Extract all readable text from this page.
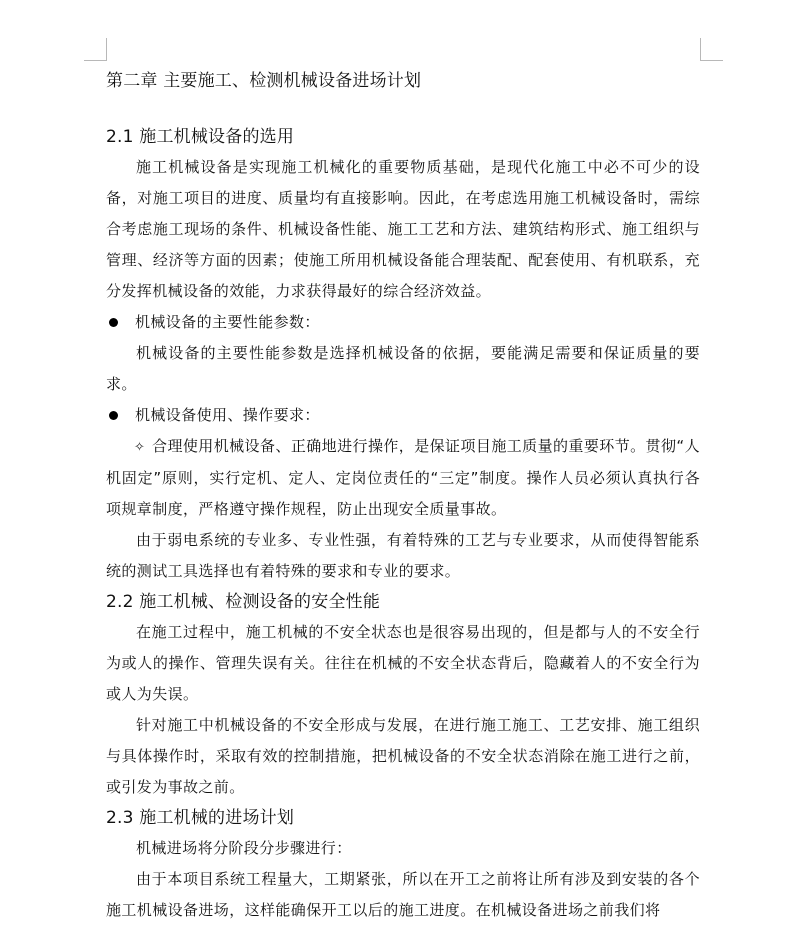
第二章 主要施工、检测机械设备进场计划
2.1 施工机械设备的选用

施工机械设备是实现施工机械化的重要物质基础，是现代化施工中必不可少的设备，对施工项目的进度、质量均有直接影响。因此，在考虑选用施工机械设备时，需综合考虑施工现场的条件、机械设备性能、施工工艺和方法、建筑结构形式、施工组织与管理、经济等方面的因素；使施工所用机械设备能合理装配、配套使用、有机联系，充分发挥机械设备的效能，力求获得最好的综合经济效益。

机械设备的主要性能参数：

机械设备的主要性能参数是选择机械设备的依据，要能满足需要和保证质量的要求。

机械设备使用、操作要求：

✧ 合理使用机械设备、正确地进行操作，是保证项目施工质量的重要环节。贯彻“人机固定”原则，实行定机、定人、定岗位责任的“三定”制度。操作人员必须认真执行各项规章制度，严格遵守操作规程，防止出现安全质量事故。

由于弱电系统的专业多、专业性强，有着特殊的工艺与专业要求，从而使得智能系统的测试工具选择也有着特殊的要求和专业的要求。

2.2 施工机械、检测设备的安全性能

在施工过程中，施工机械的不安全状态也是很容易出现的，但是都与人的不安全行为或人的操作、管理失误有关。往往在机械的不安全状态背后，隐藏着人的不安全行为或人为失误。

针对施工中机械设备的不安全形成与发展，在进行施工施工、工艺安排、施工组织与具体操作时，采取有效的控制措施，把机械设备的不安全状态消除在施工进行之前，或引发为事故之前。

2.3 施工机械的进场计划

机械进场将分阶段分步骤进行：

由于本项目系统工程量大，工期紧张，所以在开工之前将让所有涉及到安装的各个施工机械设备进场，这样能确保开工以后的施工进度。在机械设备进场之前我们将
